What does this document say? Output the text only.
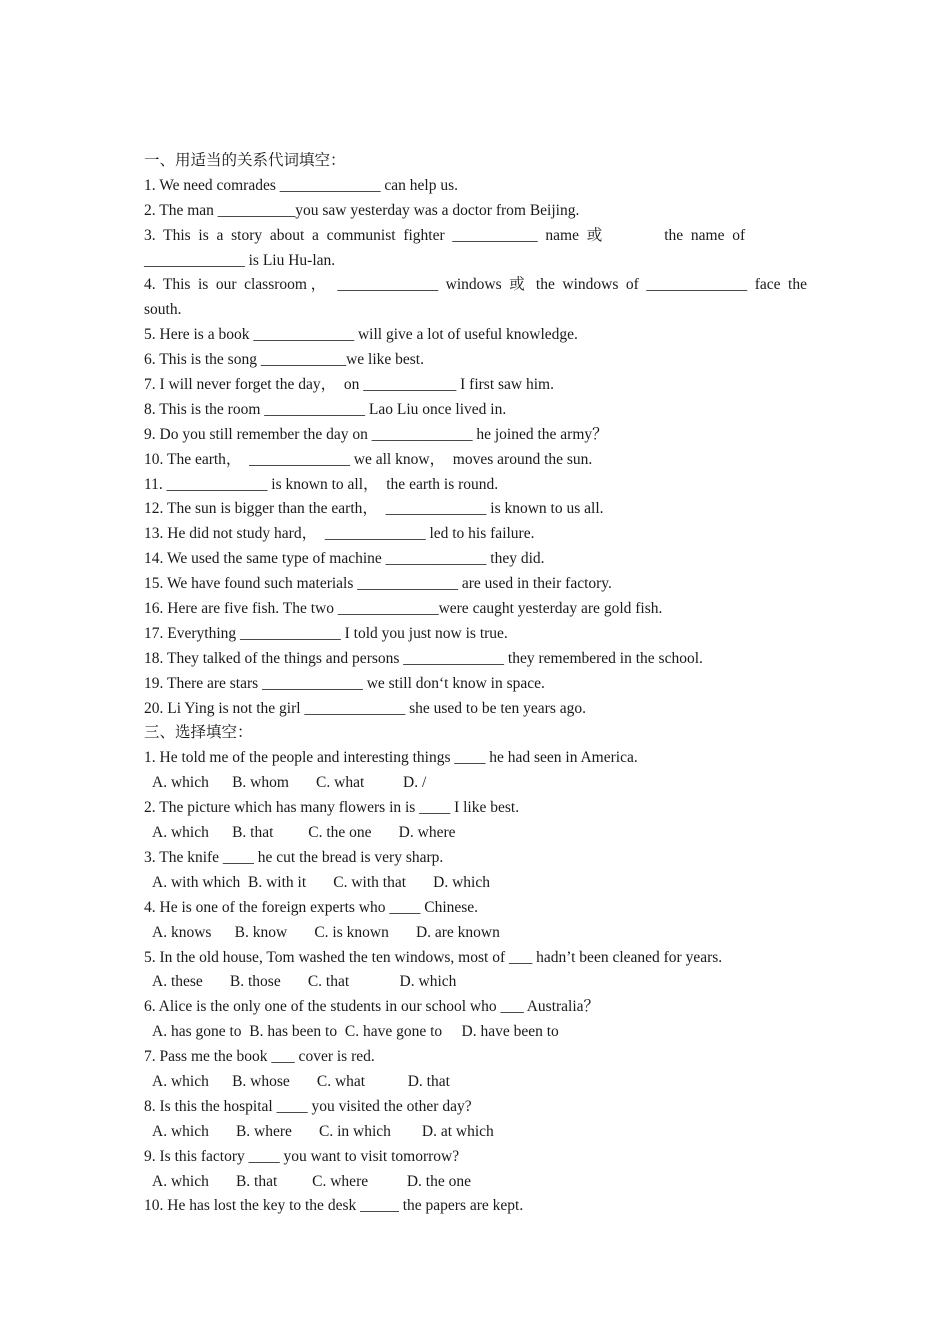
一、用适当的关系代词填空：
1. We need comrades _____________ can help us.
2. The man __________you saw yesterday was a doctor from Beijing.
3.  This  is  a  story  about  a  communist  fighter  ___________  name  或                the  name  of
_____________ is Liu Hu-lan.
4. This is our classroom， _____________ windows 或 the windows of _____________ face the
south.
5. Here is a book _____________ will give a lot of useful knowledge.
6. This is the song ___________we like best.
7. I will never forget the day，  on ____________ I first saw him.
8. This is the room _____________ Lao Liu once lived in.
9. Do you still remember the day on _____________ he joined the army？
10. The earth，  _____________ we all know，  moves around the sun.
11. _____________ is known to all，  the earth is round.
12. The sun is bigger than the earth，  _____________ is known to us all.
13. He did not study hard，  _____________ led to his failure.
14. We used the same type of machine _____________ they did.
15. We have found such materials _____________ are used in their factory.
16. Here are five fish. The two _____________were caught yesterday are gold fish.
17. Everything _____________ I told you just now is true.
18. They talked of the things and persons _____________ they remembered in the school.
19. There are stars _____________ we still don‘t know in space.
20. Li Ying is not the girl _____________ she used to be ten years ago.
三、选择填空：
1. He told me of the people and interesting things ____ he had seen in America.
A. which      B. whom       C. what          D. /
2. The picture which has many flowers in is ____ I like best.
A. which      B. that         C. the one       D. where
3. The knife ____ he cut the bread is very sharp.
A. with which  B. with it       C. with that       D. which
4. He is one of the foreign experts who ____ Chinese.
A. knows      B. know       C. is known       D. are known
5. In the old house, Tom washed the ten windows, most of ___ hadn’t been cleaned for years.
A. these       B. those       C. that             D. which
6. Alice is the only one of the students in our school who ___ Australia？
A. has gone to  B. has been to  C. have gone to     D. have been to
7. Pass me the book ___ cover is red.
A. which      B. whose       C. what           D. that
8. Is this the hospital ____ you visited the other day?
A. which       B. where       C. in which        D. at which
9. Is this factory ____ you want to visit tomorrow?
A. which       B. that         C. where          D. the one
10. He has lost the key to the desk _____ the papers are kept.
